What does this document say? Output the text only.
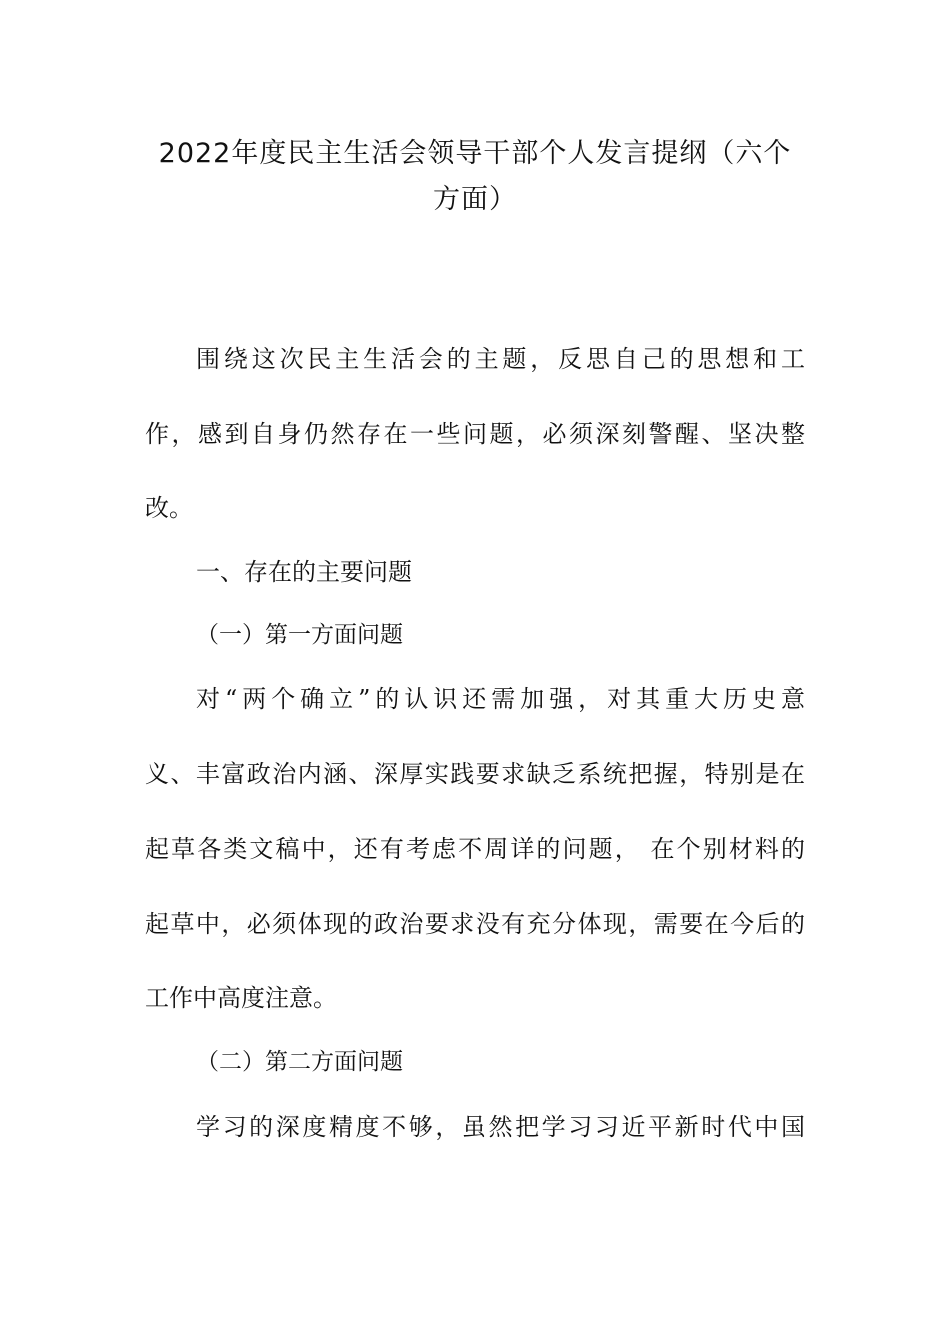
2022年度民主生活会领导干部个人发言提纲（六个
方面）
围绕这次民主生活会的主题，反思自己的思想和工
作，感到自身仍然存在一些问题，必须深刻警醒、坚决整
改。
一、存在的主要问题
（一）第一方面问题
对“两个确立”的认识还需加强，对其重大历史意
义、丰富政治内涵、深厚实践要求缺乏系统把握，特别是在
起草各类文稿中，还有考虑不周详的问题， 在个别材料的
起草中，必须体现的政治要求没有充分体现，需要在今后的
工作中高度注意。
（二）第二方面问题
学习的深度精度不够，虽然把学习习近平新时代中国
